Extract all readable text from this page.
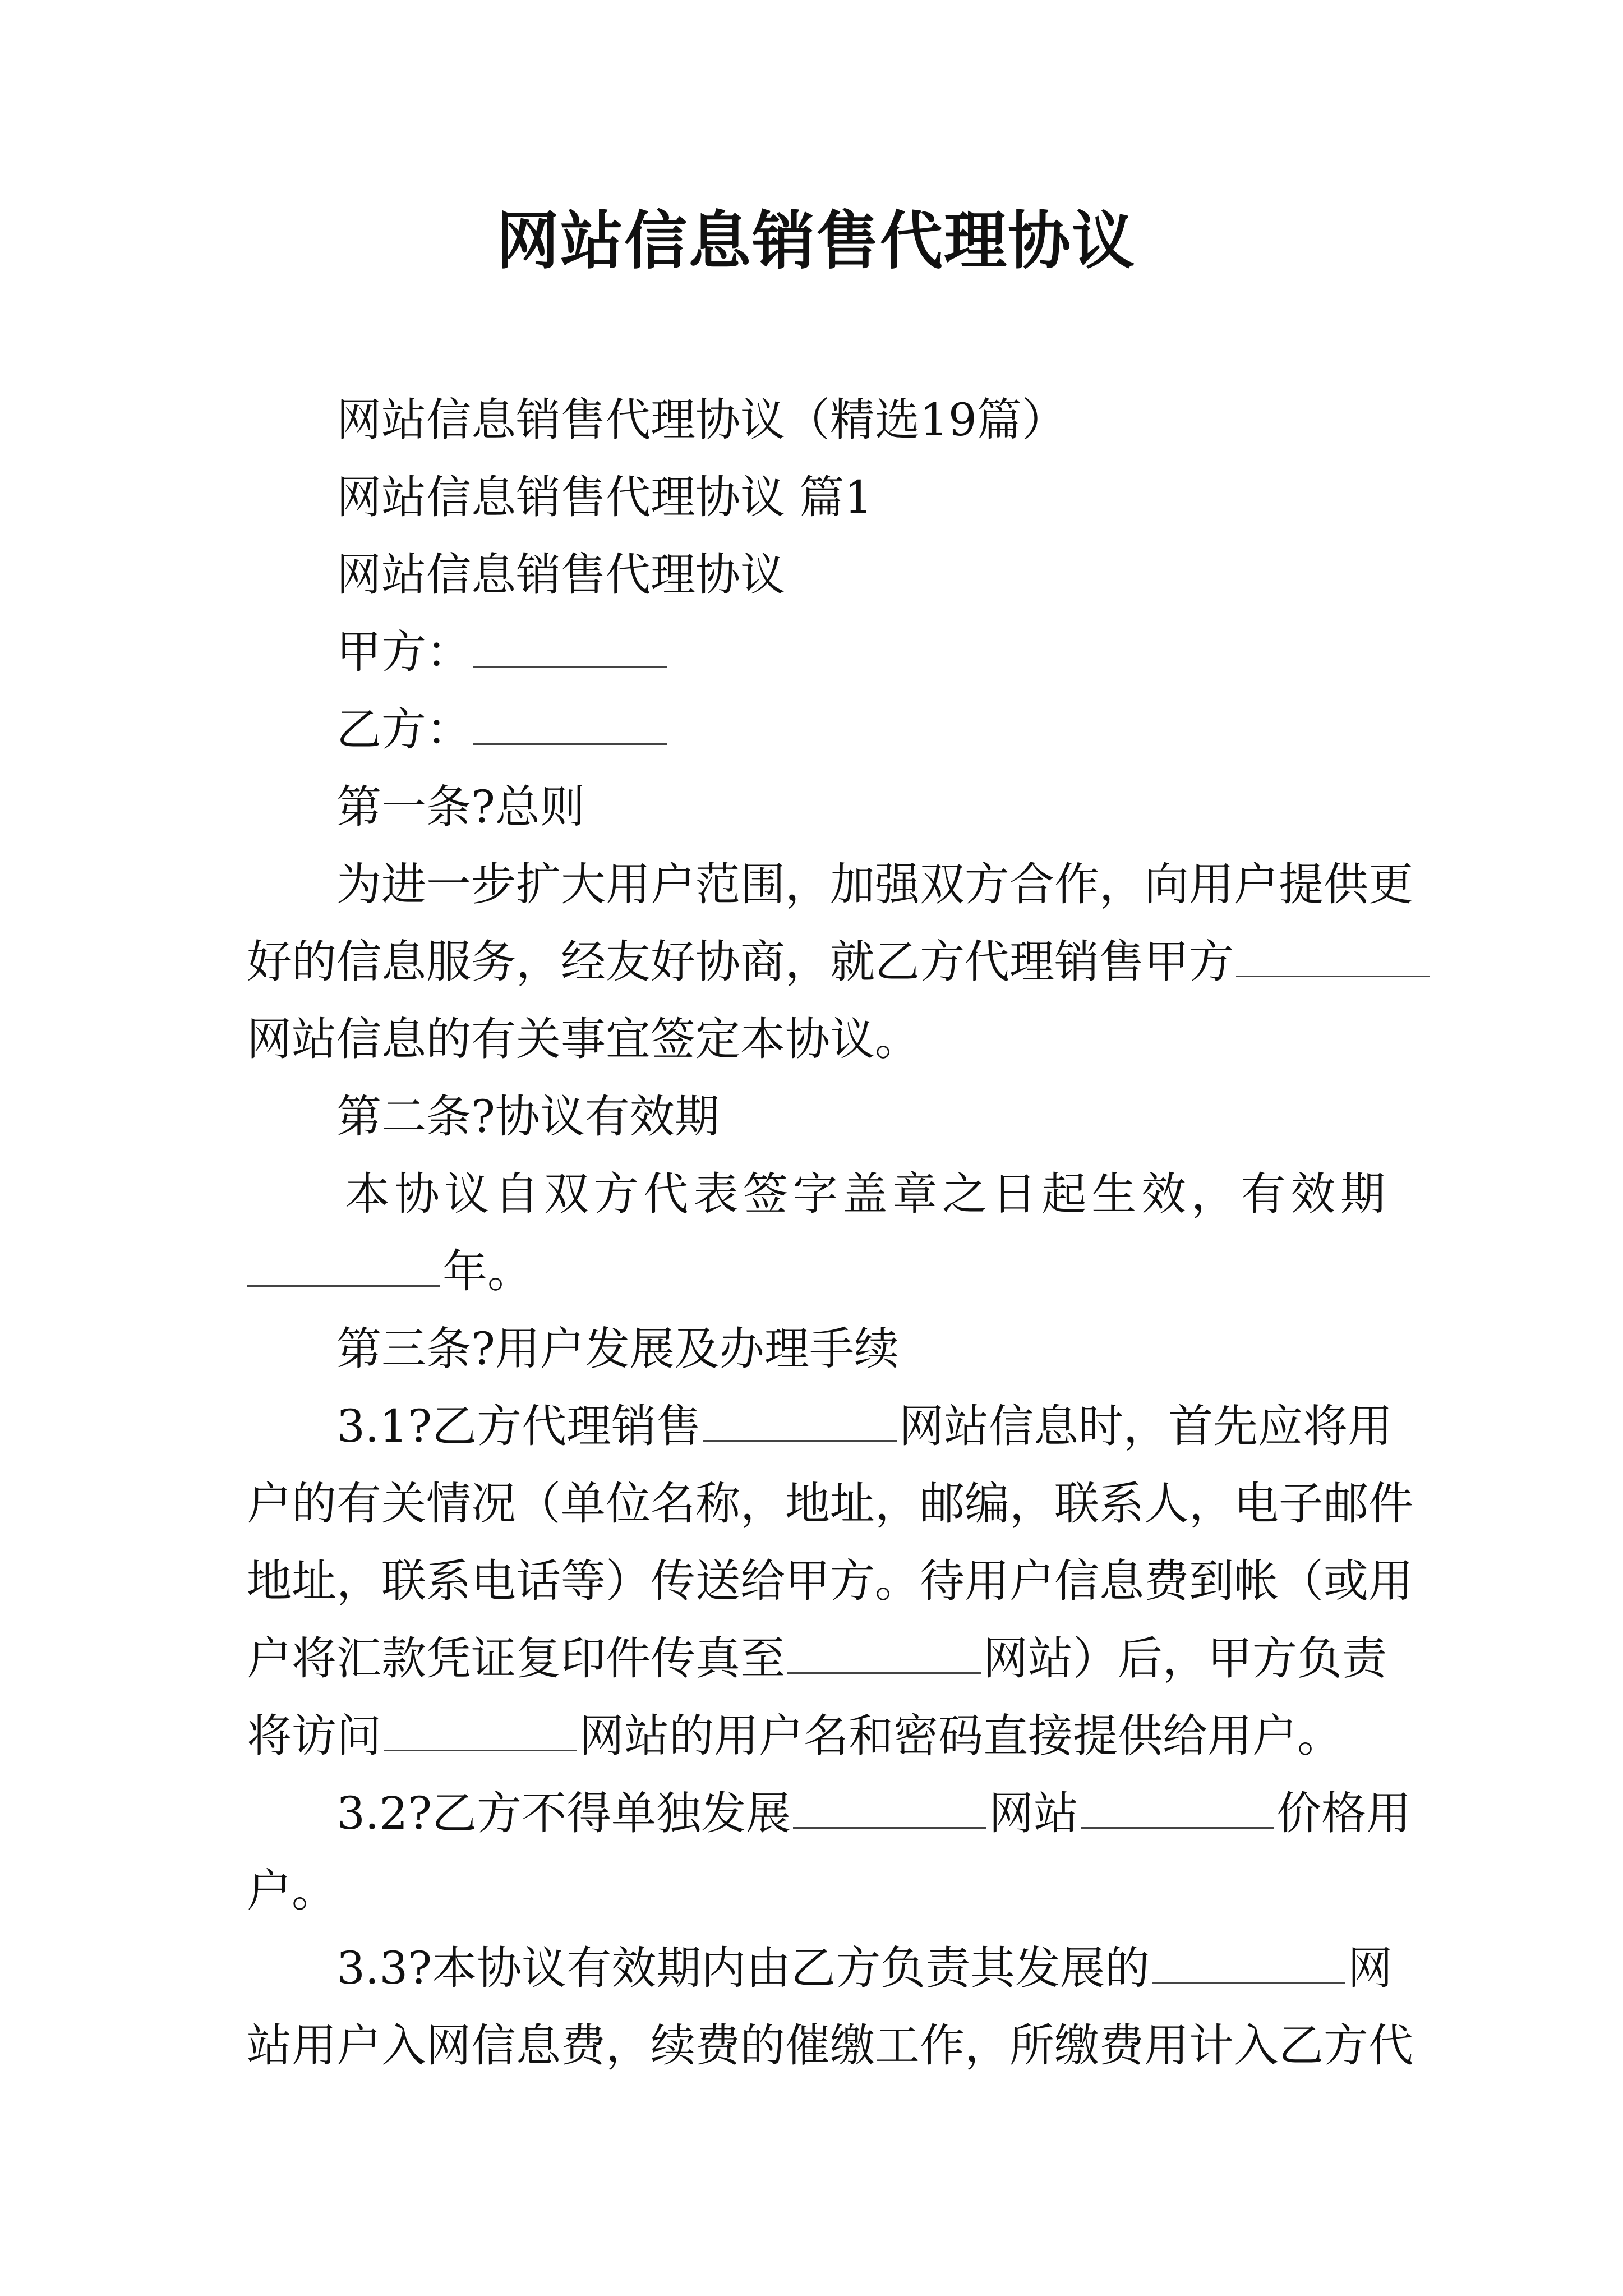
网站信息销售代理协议

网站信息销售代理协议（精选19篇）

网站信息销售代理协议 篇1

网站信息销售代理协议

甲方：

乙方：

第一条?总则

为进一步扩大用户范围，加强双方合作，向用户提供更

好的信息服务，经友好协商，就乙方代理销售甲方

网站信息的有关事宜签定本协议。

第二条?协议有效期

本协议自双方代表签字盖章之日起生效，有效期

年。

第三条?用户发展及办理手续

3.1?乙方代理销售	网站信息时，首先应将用

户的有关情况（单位名称，地址，邮编，联系人，电子邮件

地址，联系电话等）传送给甲方。待用户信息费到帐（或用

户将汇款凭证复印件传真至	网站）后，甲方负责

将访问	网站的用户名和密码直接提供给用户。

3.2?乙方不得单独发展	网站	价格用

户。

3.3?本协议有效期内由乙方负责其发展的	网

站用户入网信息费，续费的催缴工作，所缴费用计入乙方代
